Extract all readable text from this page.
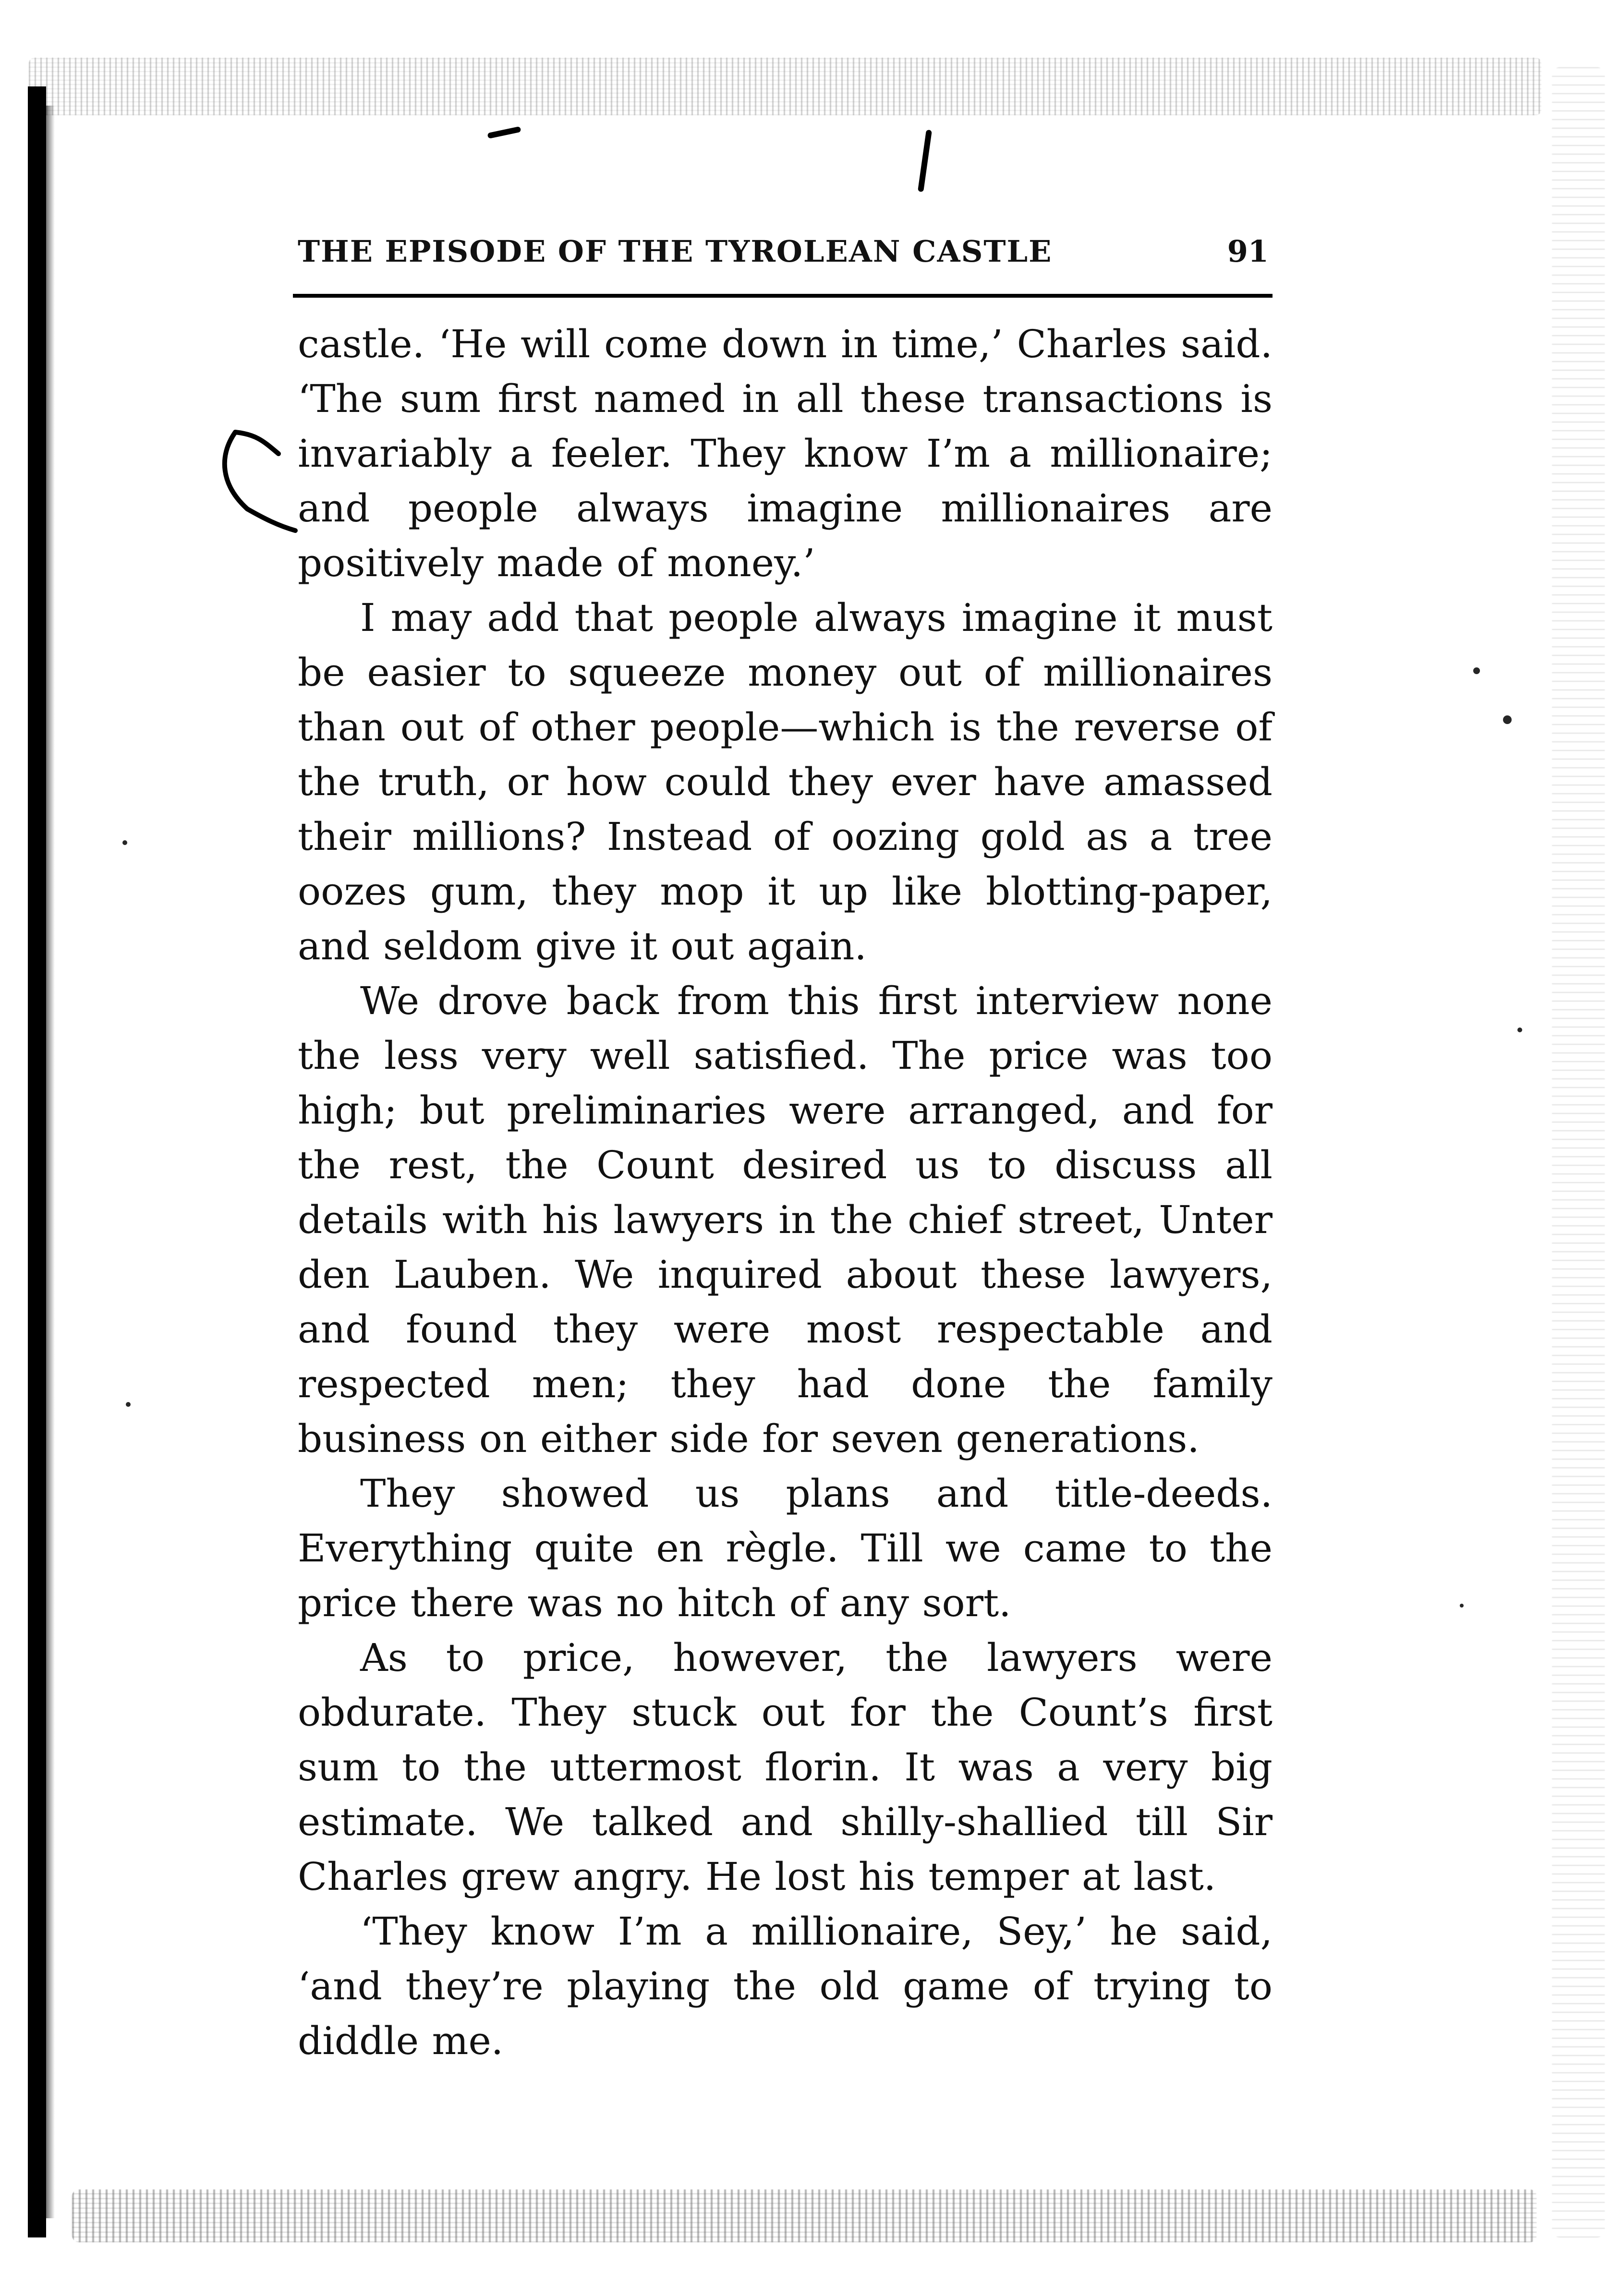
THE EPISODE OF THE TYROLEAN CASTLE	91

castle. ‘He will come down in time,’ Charles said. ‘The sum first named in all these transactions is invariably a feeler. They know I’m a millionaire; and people always imagine millionaires are positively made of money.’

I may add that people always imagine it must be easier to squeeze money out of millionaires than out of other people—which is the reverse of the truth, or how could they ever have amassed their millions? Instead of oozing gold as a tree oozes gum, they mop it up like blotting-paper, and seldom give it out again.

We drove back from this first interview none the less very well satisfied. The price was too high; but preliminaries were arranged, and for the rest, the Count desired us to discuss all details with his lawyers in the chief street, Unter den Lauben. We inquired about these lawyers, and found they were most respectable and respected men; they had done the family business on either side for seven generations.

They showed us plans and title-deeds. Everything quite en règle. Till we came to the price there was no hitch of any sort.

As to price, however, the lawyers were obdurate. They stuck out for the Count’s first sum to the uttermost florin. It was a very big estimate. We talked and shilly-shallied till Sir Charles grew angry. He lost his temper at last.

‘They know I’m a millionaire, Sey,’ he said, ‘and they’re playing the old game of trying to diddle me.
